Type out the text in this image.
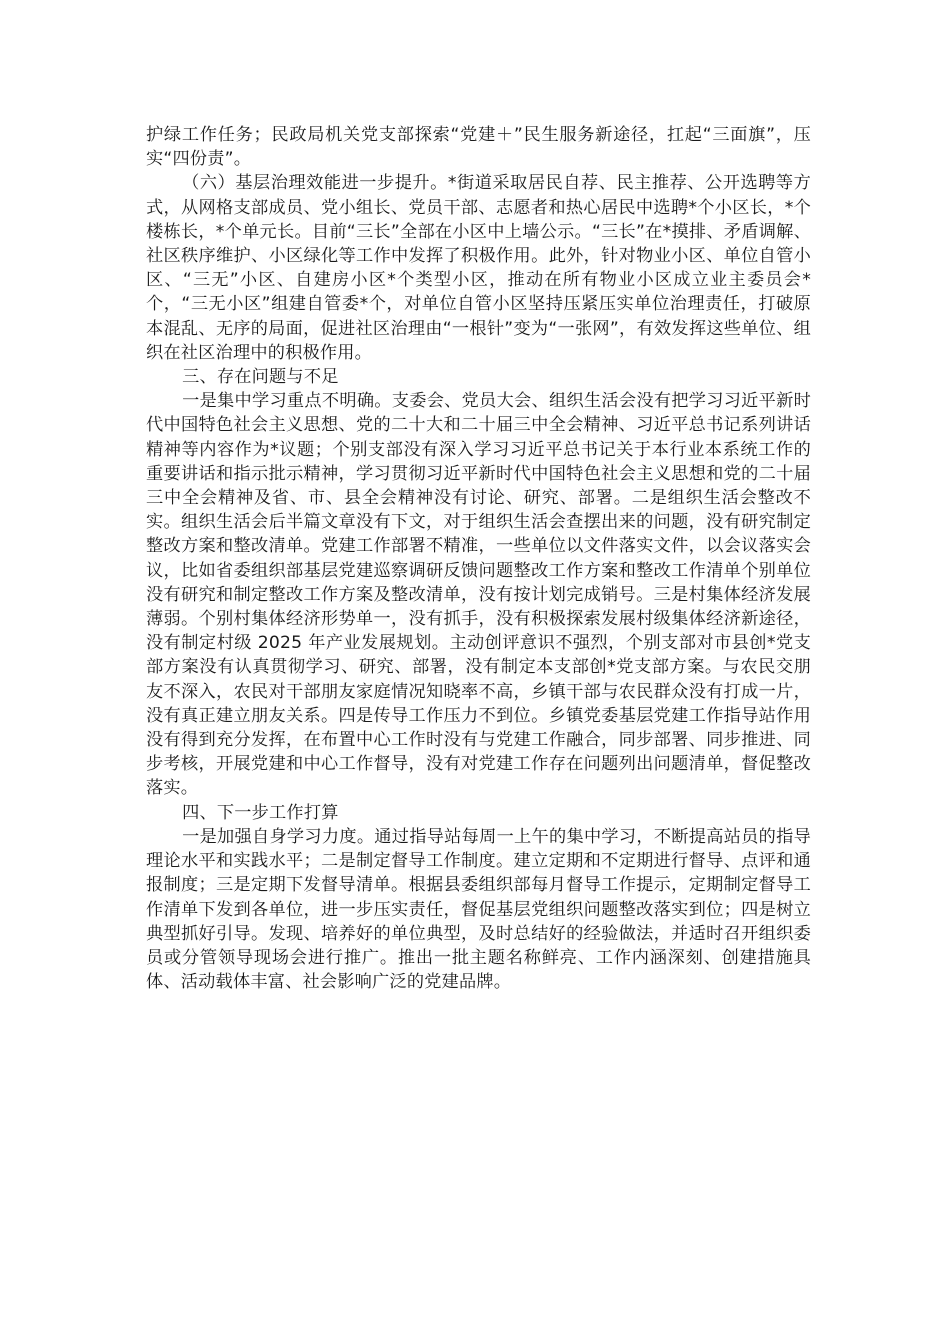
护绿工作任务；民政局机关党支部探索“党建＋”民生服务新途径，扛起“三面旗”，压实“四份责”。

（六）基层治理效能进一步提升。*街道采取居民自荐、民主推荐、公开选聘等方式，从网格支部成员、党小组长、党员干部、志愿者和热心居民中选聘*个小区长，*个楼栋长，*个单元长。目前“三长”全部在小区中上墙公示。“三长”在*摸排、矛盾调解、社区秩序维护、小区绿化等工作中发挥了积极作用。此外，针对物业小区、单位自管小区、“三无”小区、自建房小区*个类型小区，推动在所有物业小区成立业主委员会*个，“三无小区”组建自管委*个，对单位自管小区坚持压紧压实单位治理责任，打破原本混乱、无序的局面，促进社区治理由“一根针”变为“一张网”，有效发挥这些单位、组织在社区治理中的积极作用。

三、存在问题与不足

一是集中学习重点不明确。支委会、党员大会、组织生活会没有把学习习近平新时代中国特色社会主义思想、党的二十大和二十届三中全会精神、习近平总书记系列讲话精神等内容作为*议题；个别支部没有深入学习习近平总书记关于本行业本系统工作的重要讲话和指示批示精神，学习贯彻习近平新时代中国特色社会主义思想和党的二十届三中全会精神及省、市、县全会精神没有讨论、研究、部署。二是组织生活会整改不实。组织生活会后半篇文章没有下文，对于组织生活会查摆出来的问题，没有研究制定整改方案和整改清单。党建工作部署不精准，一些单位以文件落实文件，以会议落实会议，比如省委组织部基层党建巡察调研反馈问题整改工作方案和整改工作清单个别单位没有研究和制定整改工作方案及整改清单，没有按计划完成销号。三是村集体经济发展薄弱。个别村集体经济形势单一，没有抓手，没有积极探索发展村级集体经济新途径，没有制定村级 2025 年产业发展规划。主动创评意识不强烈，个别支部对市县创*党支部方案没有认真贯彻学习、研究、部署，没有制定本支部创*党支部方案。与农民交朋友不深入，农民对干部朋友家庭情况知晓率不高，乡镇干部与农民群众没有打成一片，没有真正建立朋友关系。四是传导工作压力不到位。乡镇党委基层党建工作指导站作用没有得到充分发挥，在布置中心工作时没有与党建工作融合，同步部署、同步推进、同步考核，开展党建和中心工作督导，没有对党建工作存在问题列出问题清单，督促整改落实。

四、下一步工作打算

一是加强自身学习力度。通过指导站每周一上午的集中学习，不断提高站员的指导理论水平和实践水平；二是制定督导工作制度。建立定期和不定期进行督导、点评和通报制度；三是定期下发督导清单。根据县委组织部每月督导工作提示，定期制定督导工作清单下发到各单位，进一步压实责任，督促基层党组织问题整改落实到位；四是树立典型抓好引导。发现、培养好的单位典型，及时总结好的经验做法，并适时召开组织委员或分管领导现场会进行推广。推出一批主题名称鲜亮、工作内涵深刻、创建措施具体、活动载体丰富、社会影响广泛的党建品牌。
